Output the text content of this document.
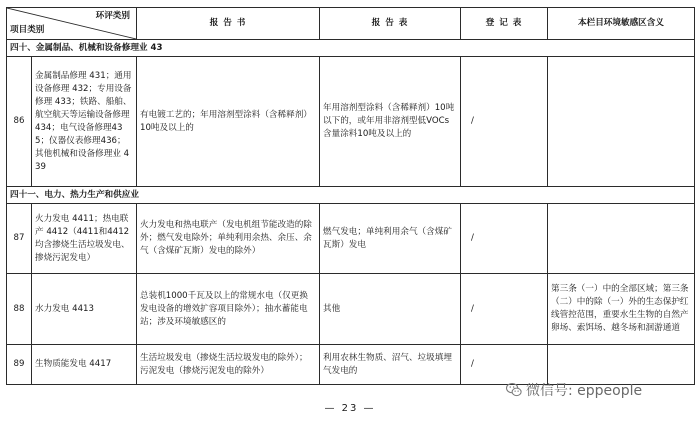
环评类别
项目类别		报 告 书	报 告 表	登 记 表	本栏目环境敏感区含义
四十、金属制品、机械和设备修理业 43					
86	金属制品修理 431；通用设备修理 432；专用设备修理 433；铁路、船舶、航空航天等运输设备修理434；电气设备修理435；仪器仪表修理436；其他机械和设备修理业 439	有电镀工艺的；年用溶剂型涂料（含稀释剂）10吨及以上的	年用溶剂型涂料（含稀释剂）10吨以下的，或年用非溶剂型低VOCs含量涂料10吨及以上的	/	
四十一、电力、热力生产和供应业					
87	火力发电 4411；热电联产 4412（4411和4412均含掺烧生活垃圾发电、掺烧污泥发电）	火力发电和热电联产（发电机组节能改造的除外；燃气发电除外；单纯利用余热、余压、余气（含煤矿瓦斯）发电的除外）	燃气发电；单纯利用余气（含煤矿瓦斯）发电	/	
88	水力发电 4413	总装机1000千瓦及以上的常规水电（仅更换发电设备的增效扩容项目除外）；抽水蓄能电站；涉及环境敏感区的	其他	/	第三条（一）中的全部区域；第三条（二）中的除（一）外的生态保护红线管控范围，重要水生生物的自然产卵场、索饵场、越冬场和洄游通道
89	生物质能发电 4417	生活垃圾发电（掺烧生活垃圾发电的除外）；污泥发电（掺烧污泥发电的除外）	利用农林生物质、沼气、垃圾填埋气发电的	/	
微信号: eppeople
— 23 —
